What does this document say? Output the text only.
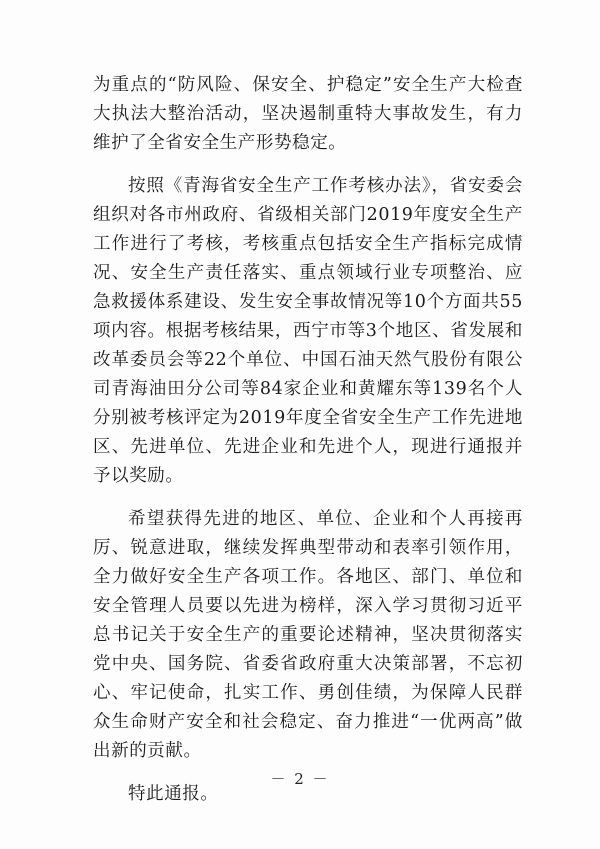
为重点的“防风险、保安全、护稳定”安全生产大检查大执法大整治活动，坚决遏制重特大事故发生，有力维护了全省安全生产形势稳定。

按照《青海省安全生产工作考核办法》，省安委会组织对各市州政府、省级相关部门2019年度安全生产工作进行了考核，考核重点包括安全生产指标完成情况、安全生产责任落实、重点领域行业专项整治、应急救援体系建设、发生安全事故情况等10个方面共55项内容。根据考核结果，西宁市等3个地区、省发展和改革委员会等22个单位、中国石油天然气股份有限公司青海油田分公司等84家企业和黄耀东等139名个人分别被考核评定为2019年度全省安全生产工作先进地区、先进单位、先进企业和先进个人，现进行通报并予以奖励。

希望获得先进的地区、单位、企业和个人再接再厉、锐意进取，继续发挥典型带动和表率引领作用，全力做好安全生产各项工作。各地区、部门、单位和安全管理人员要以先进为榜样，深入学习贯彻习近平总书记关于安全生产的重要论述精神，坚决贯彻落实党中央、国务院、省委省政府重大决策部署，不忘初心、牢记使命，扎实工作、勇创佳绩，为保障人民群众生命财产安全和社会稳定、奋力推进“一优两高”做出新的贡献。

特此通报。

－ 2 －
